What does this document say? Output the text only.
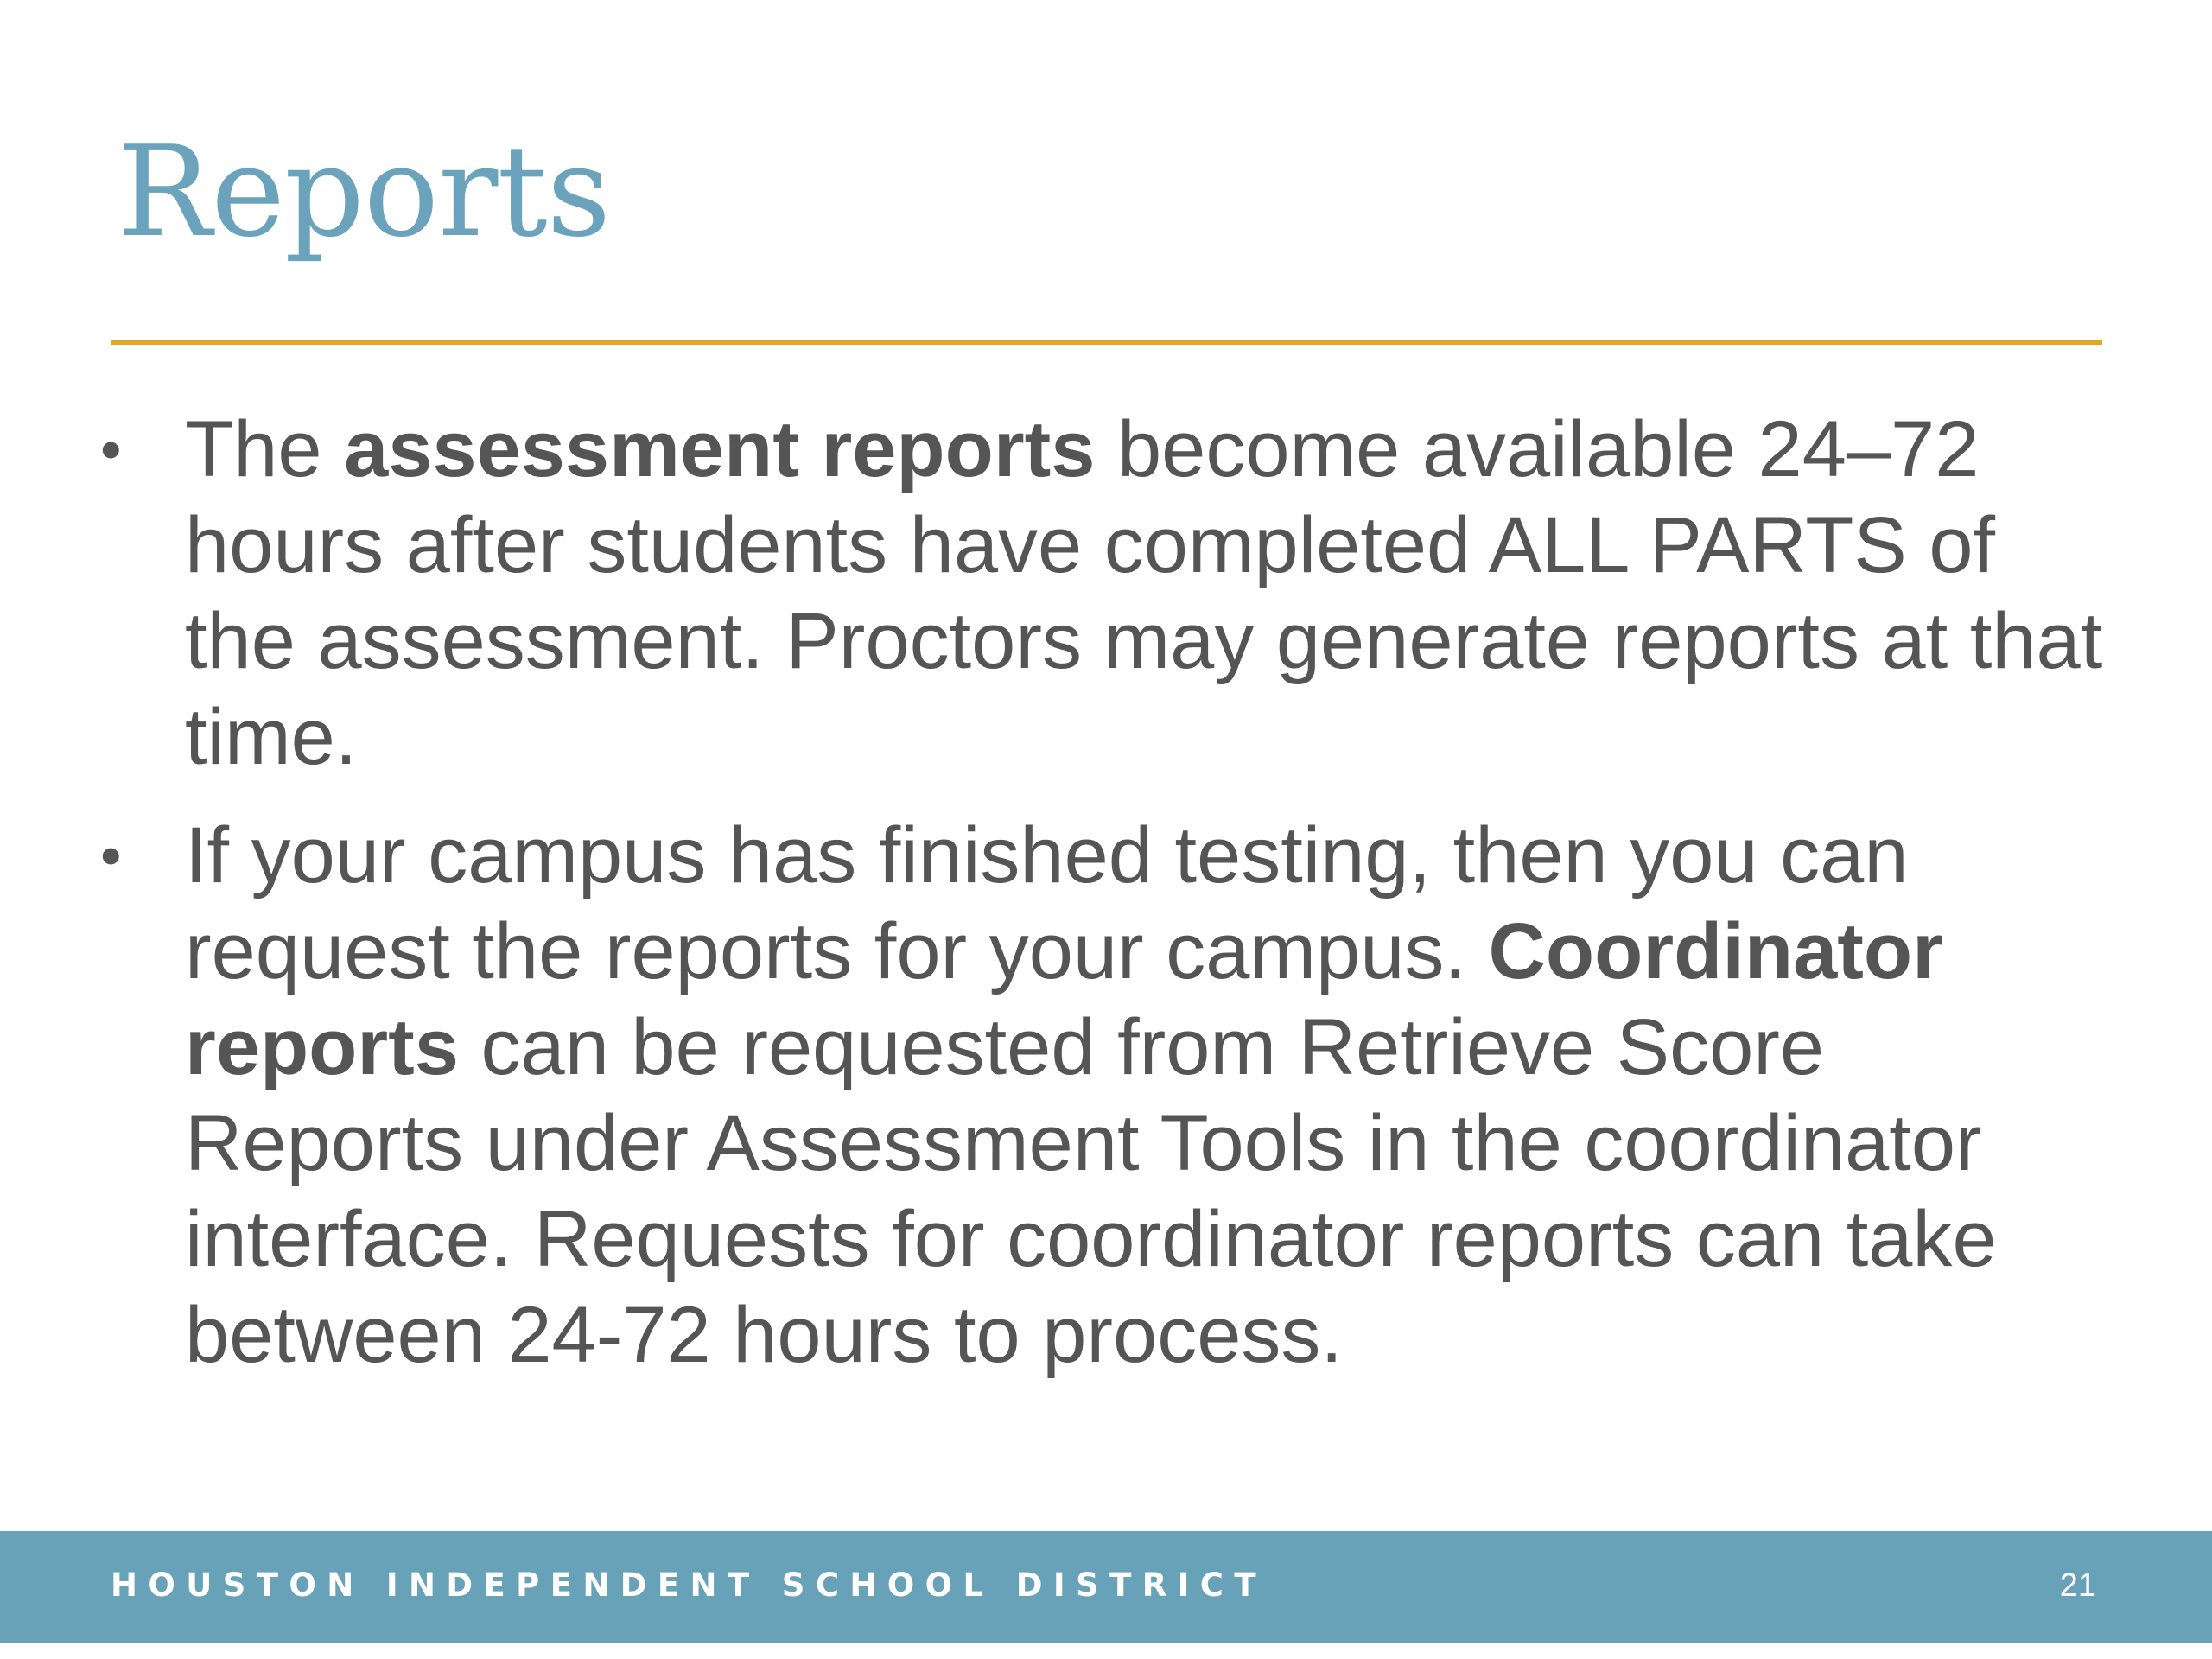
Reports
• The assessment reports become available 24–72 hours after students have completed ALL PARTS of the assessment. Proctors may generate reports at that time.
• If your campus has finished testing, then you can request the reports for your campus. Coordinator reports can be requested from Retrieve Score Reports under Assessment Tools in the coordinator interface. Requests for coordinator reports can take between 24-72 hours to process.
HOUSTON INDEPENDENT SCHOOL DISTRICT	21
